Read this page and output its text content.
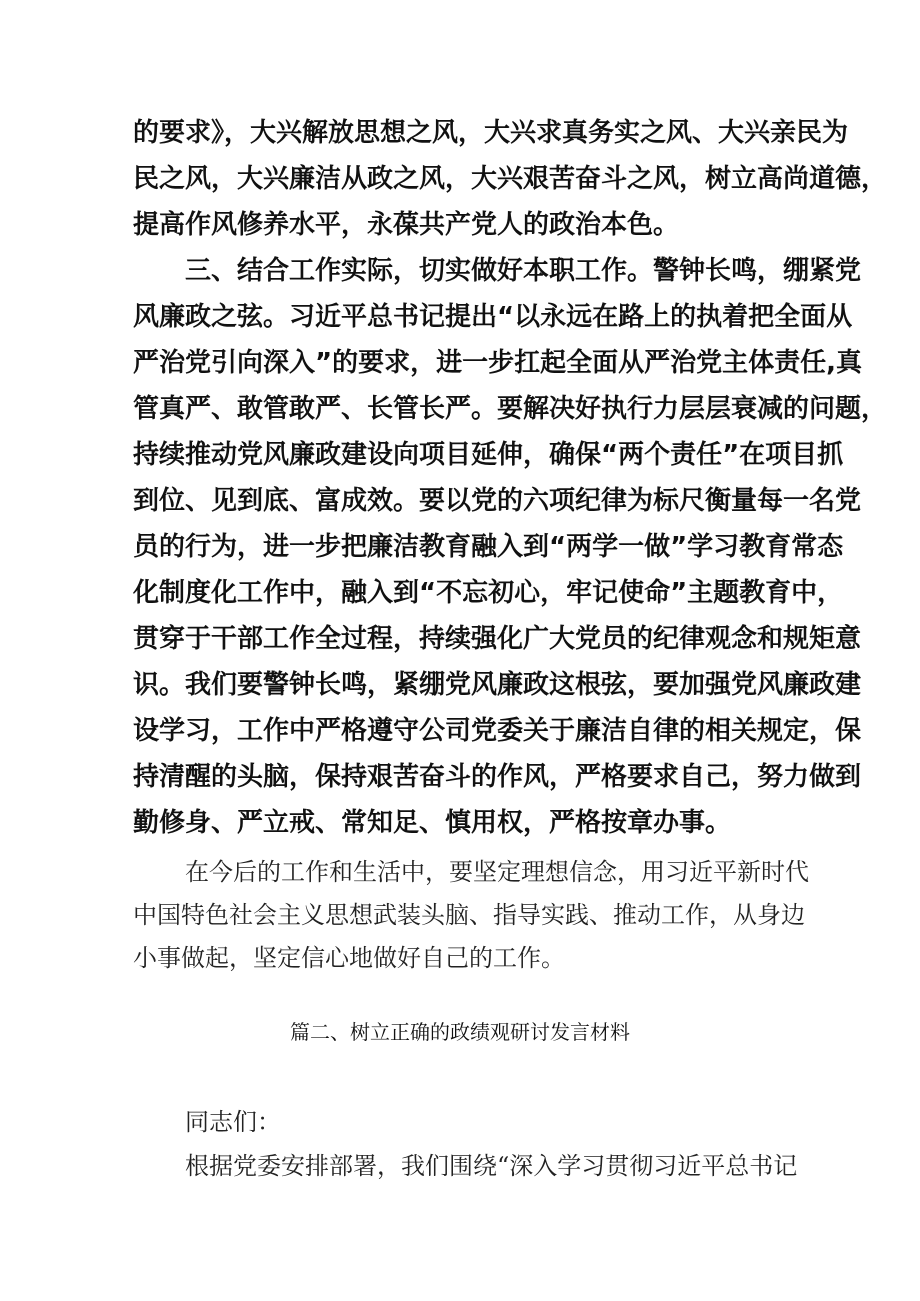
的要求》，大兴解放思想之风，大兴求真务实之风、大兴亲民为
民之风，大兴廉洁从政之风，大兴艰苦奋斗之风，树立高尚道德，
提高作风修养水平，永葆共产党人的政治本色。
三、结合工作实际，切实做好本职工作。警钟长鸣，绷紧党
风廉政之弦。习近平总书记提出“以永远在路上的执着把全面从
严治党引向深入”的要求，进一步扛起全面从严治党主体责任,真
管真严、敢管敢严、长管长严。要解决好执行力层层衰减的问题，
持续推动党风廉政建设向项目延伸，确保“两个责任”在项目抓
到位、见到底、富成效。要以党的六项纪律为标尺衡量每一名党
员的行为，进一步把廉洁教育融入到“两学一做”学习教育常态
化制度化工作中，融入到“不忘初心，牢记使命”主题教育中，
贯穿于干部工作全过程，持续强化广大党员的纪律观念和规矩意
识。我们要警钟长鸣，紧绷党风廉政这根弦，要加强党风廉政建
设学习，工作中严格遵守公司党委关于廉洁自律的相关规定，保
持清醒的头脑，保持艰苦奋斗的作风，严格要求自己，努力做到
勤修身、严立戒、常知足、慎用权，严格按章办事。
在今后的工作和生活中，要坚定理想信念，用习近平新时代
中国特色社会主义思想武装头脑、指导实践、推动工作，从身边
小事做起，坚定信心地做好自己的工作。
篇二、树立正确的政绩观研讨发言材料
同志们：
根据党委安排部署，我们围绕“深入学习贯彻习近平总书记
